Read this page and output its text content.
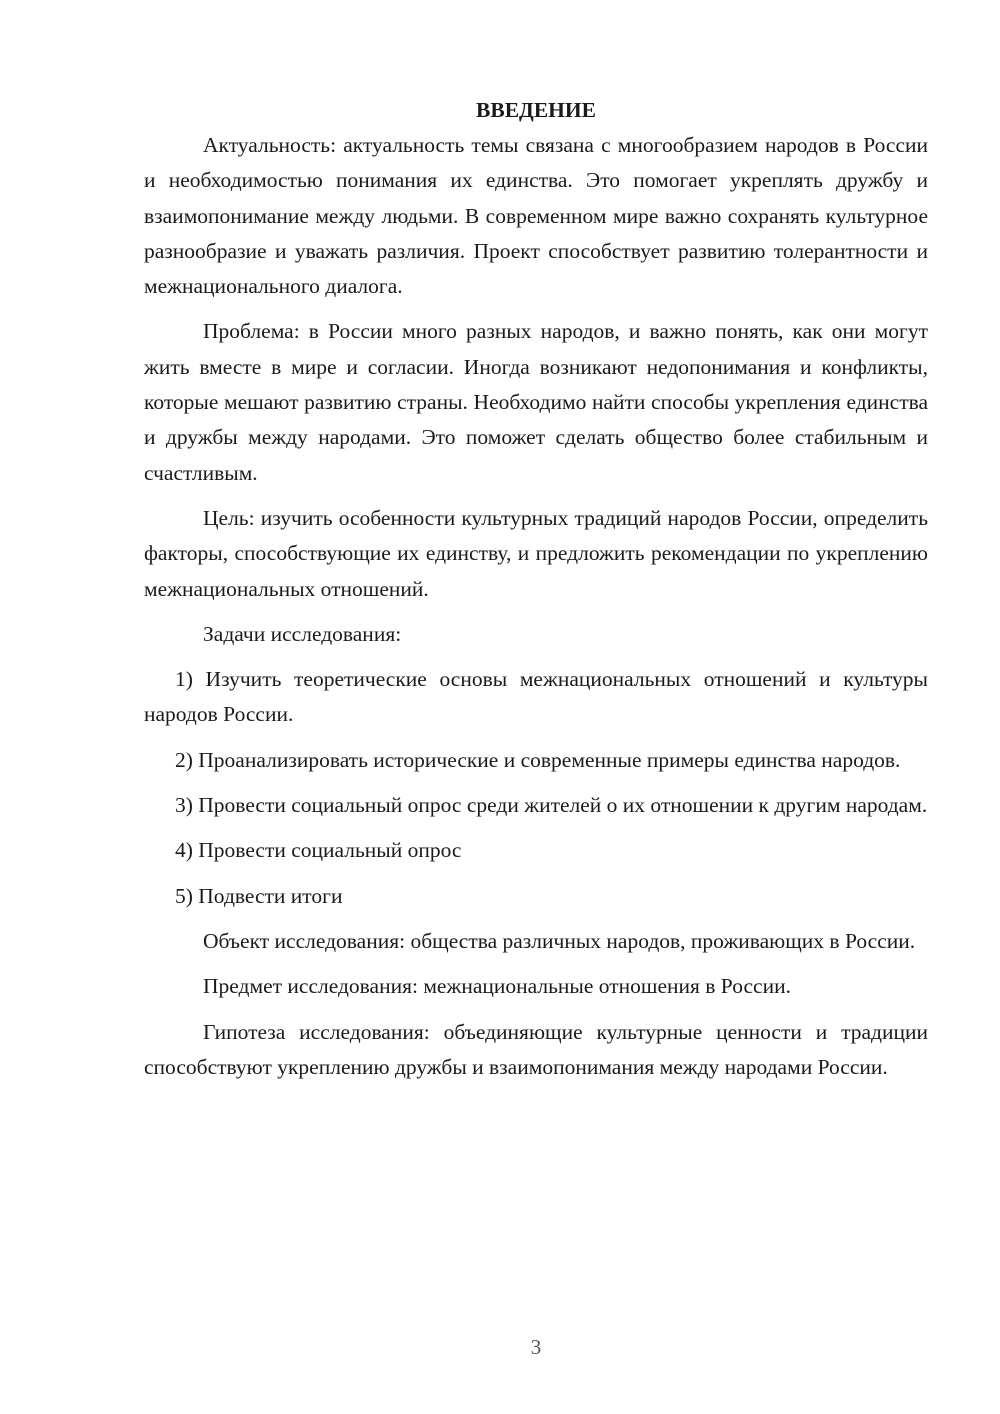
ВВЕДЕНИЕ

Актуальность: актуальность темы связана с многообразием народов в России и необходимостью понимания их единства. Это помогает укреплять дружбу и взаимопонимание между людьми. В современном мире важно сохранять культурное разнообразие и уважать различия. Проект способствует развитию толерантности и межнационального диалога.

Проблема: в России много разных народов, и важно понять, как они могут жить вместе в мире и согласии. Иногда возникают недопонимания и конфликты, которые мешают развитию страны. Необходимо найти способы укрепления единства и дружбы между народами. Это поможет сделать общество более стабильным и счастливым.

Цель: изучить особенности культурных традиций народов России, определить факторы, способствующие их единству, и предложить рекомендации по укреплению межнациональных отношений.

Задачи исследования:

1) Изучить теоретические основы межнациональных отношений и культуры народов России.

2) Проанализировать исторические и современные примеры единства народов.

3) Провести социальный опрос среди жителей о их отношении к другим народам.

4) Провести социальный опрос

5) Подвести итоги

Объект исследования: общества различных народов, проживающих в России.

Предмет исследования: межнациональные отношения в России.

Гипотеза исследования: объединяющие культурные ценности и традиции способствуют укреплению дружбы и взаимопонимания между народами России.

3
